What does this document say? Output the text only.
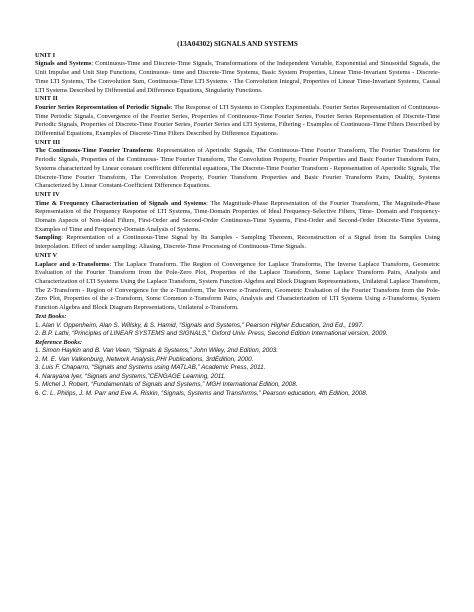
(13A04302) SIGNALS AND SYSTEMS
UNIT I

Signals and Systems: Continuous-Time and Discrete-Time Signals, Transformations of the Independent Variable, Exponential and Sinusoidal Signals, the Unit Impulse and Unit Step Functions, Continuous- time and Discrete-Time Systems, Basic System Properties, Linear Time-Invariant Systems - Discrete-Time LTI Systems, The Convolution Sum, Continuous-Time LTI Systems - The Convolution Integral, Properties of Linear Time-Invariant Systems, Causal LTI Systems Described by Differential and Difference Equations, Singularity Functions.

UNIT II

Fourier Series Representation of Periodic Signals: The Response of LTI Systems to Complex Exponentials. Fourier Series Representation of Continuous-Time Periodic Signals, Convergence of the Fourier Series, Properties of Continuous-Time Fourier Series, Fourier Series Representation of Discrete-Time Periodic Signals, Properties of Discrete-Time Fourier Series, Fourier Series and LTI Systems, Filtering - Examples of Continuous-Time Filters Described by Differential Equations, Examples of Discrete-Time Filters Described by Difference Equations.

UNIT III

The Continuous-Time Fourier Transform: Representation of Aperiodic Signals, The Continuous-Time Fourier Transform, The Fourier Transform for Periodic Signals, Properties of the Continuous- Time Fourier Transform, The Convolution Property, Fourier Properties and Basic Fourier Transform Pairs, Systems characterized by Linear constant coefficient differential equations, The Discrete-Time Fourier Transform - Representation of Aperiodic Signals, The Discrete-Time Fourier Transform, The Convolution Property, Fourier Transform Properties and Basic Fourier Transform Pairs, Duality, Systems Characterized by Linear Constant-Coefficient Difference Equations.

UNIT IV

Time & Frequency Characterization of Signals and Systems: The Magnitude-Phase Representation of the Fourier Transform, The Magnitude-Phase Representation of the Frequency Response of LTI Systems, Time-Domain Properties of Ideal Frequency-Selective Filters, Time- Domain and Frequency-Domain Aspects of Non-ideal Filters, First-Order and Second-Order Continuous-Time Systems, First-Order and Second-Order Discrete-Time Systems, Examples of Time and Frequency-Domain Analysis of Systems.

Sampling: Representation of a Continuous-Time Signal by Its Samples - Sampling Theorem, Reconstruction of a Signal from Its Samples Using Interpolation. Effect of under sampling: Aliasing, Discrete-Time Processing of Continuous-Time Signals.

UNIT V

Laplace and z-Transforms: The Laplace Transform. The Region of Convergence for Laplace Transforms, The Inverse Laplace Transform, Geometric Evaluation of the Fourier Transform from the Pole-Zero Plot, Properties of the Laplace Transform, Some Laplace Transform Pairs, Analysis and Characterization of LTI Systems Using the Laplace Transform, System Function Algebra and Block Diagram Representations, Unilateral Laplace Transform, The Z-Transform - Region of Convergence for the z-Transform, The Inverse z-Transform, Geometric Evaluation of the Fourier Transform from the Pole-Zero Plot, Properties of the z-Transform, Some Common z-Transform Pairs, Analysis and Characterization of LTI Systems Using z-Transforms, System Function Algebra and Block Diagram Representations, Unilateral z-Transform.

Text Books:
1. Alan V. Oppenheim, Alan S. Willsky, & S. Hamid, “Signals and Systems,” Pearson Higher Education, 2nd Ed., 1997.
2. B.P. Lathi, “Principles of LINEAR SYSTEMS and SIGNALS,” Oxford Univ. Press, Second Edition International version, 2009.
Reference Books:
1. Simon Haykin and B. Van Veen, “Signals & Systems,” John Wiley, 2nd Edition, 2003.
2. M. E. Van Valkenburg, Network Analysis,PHI Publications, 3rdEdition, 2000.
3. Luis F. Chaparro, “Signals and Systems using MATLAB,” Academic Press, 2011.
4. Narayana Iyer, “Signals and Systems,”CENGAGE Learning, 2011.
5. Michel J. Robert, “Fundamentals of Signals and Systems,” MGH International Edition, 2008.
6. C. L. Philips, J. M. Parr and Eve A. Riskin, “Signals, Systems and Transforms,” Pearson education, 4th Edition, 2008.
